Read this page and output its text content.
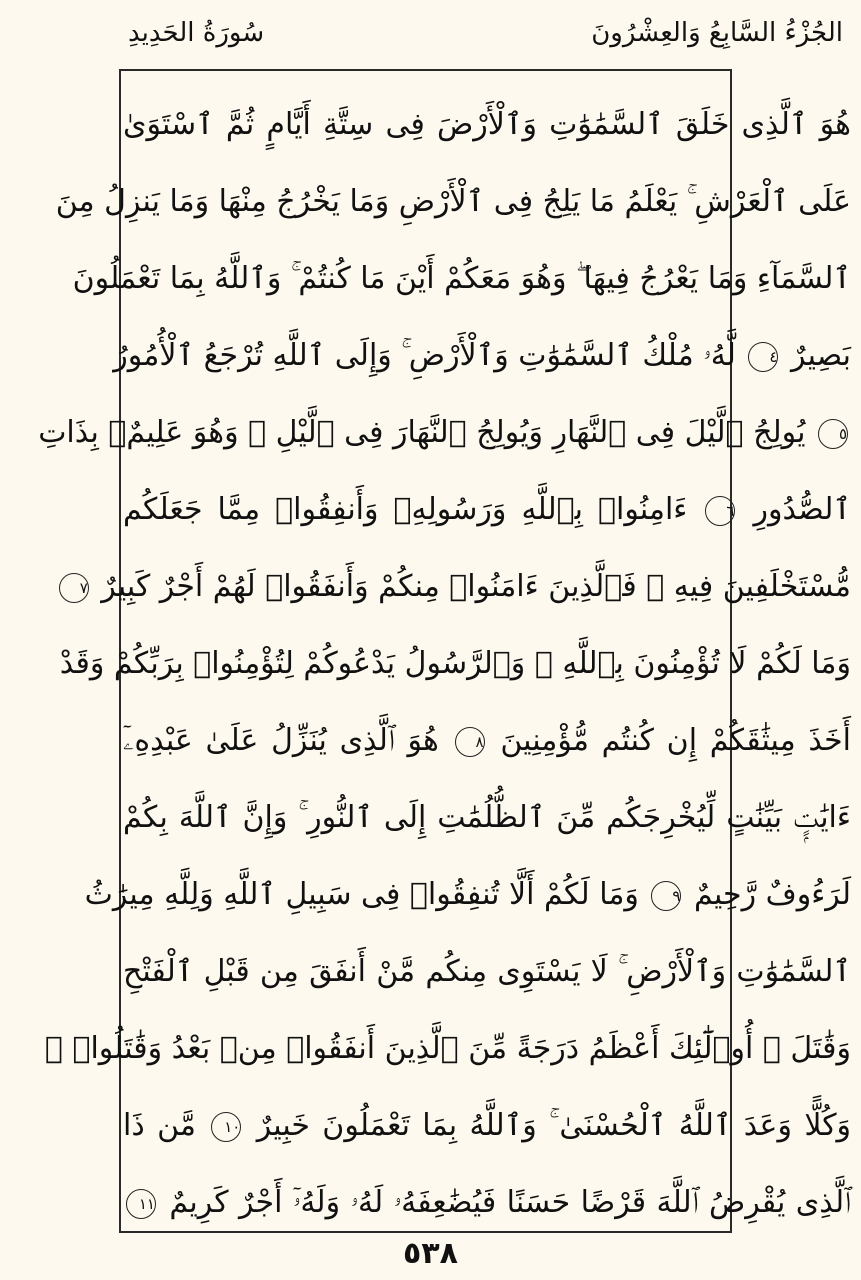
الجُزْءُ السَّابِعُ وَالعِشْرُونَ
سُورَةُ الحَدِيدِ
هُوَ ٱلَّذِى خَلَقَ ٱلسَّمَٰوَٰتِ وَٱلْأَرْضَ فِى سِتَّةِ أَيَّامٍ ثُمَّ ٱسْتَوَىٰ
عَلَى ٱلْعَرْشِ ۚ يَعْلَمُ مَا يَلِجُ فِى ٱلْأَرْضِ وَمَا يَخْرُجُ مِنْهَا وَمَا يَنزِلُ مِنَ
ٱلسَّمَآءِ وَمَا يَعْرُجُ فِيهَا ۖ وَهُوَ مَعَكُمْ أَيْنَ مَا كُنتُمْ ۚ وَٱللَّهُ بِمَا تَعْمَلُونَ
بَصِيرٌ ٤ لَّهُۥ مُلْكُ ٱلسَّمَٰوَٰتِ وَٱلْأَرْضِ ۚ وَإِلَى ٱللَّهِ تُرْجَعُ ٱلْأُمُورُ
٥ يُولِجُ ٱلَّيْلَ فِى ٱلنَّهَارِ وَيُولِجُ ٱلنَّهَارَ فِى ٱلَّيْلِ ۚ وَهُوَ عَلِيمٌۢ بِذَاتِ
ٱلصُّدُورِ ٦ ءَامِنُوا۟ بِٱللَّهِ وَرَسُولِهِۦ وَأَنفِقُوا۟ مِمَّا جَعَلَكُم
مُّسْتَخْلَفِينَ فِيهِ ۖ فَٱلَّذِينَ ءَامَنُوا۟ مِنكُمْ وَأَنفَقُوا۟ لَهُمْ أَجْرٌ كَبِيرٌ ٧
وَمَا لَكُمْ لَا تُؤْمِنُونَ بِٱللَّهِ ۙ وَٱلرَّسُولُ يَدْعُوكُمْ لِتُؤْمِنُوا۟ بِرَبِّكُمْ وَقَدْ
أَخَذَ مِيثَٰقَكُمْ إِن كُنتُم مُّؤْمِنِينَ ٨ هُوَ ٱلَّذِى يُنَزِّلُ عَلَىٰ عَبْدِهِۦٓ
ءَايَٰتٍۭ بَيِّنَٰتٍ لِّيُخْرِجَكُم مِّنَ ٱلظُّلُمَٰتِ إِلَى ٱلنُّورِ ۚ وَإِنَّ ٱللَّهَ بِكُمْ
لَرَءُوفٌ رَّحِيمٌ ٩ وَمَا لَكُمْ أَلَّا تُنفِقُوا۟ فِى سَبِيلِ ٱللَّهِ وَلِلَّهِ مِيرَٰثُ
ٱلسَّمَٰوَٰتِ وَٱلْأَرْضِ ۚ لَا يَسْتَوِى مِنكُم مَّنْ أَنفَقَ مِن قَبْلِ ٱلْفَتْحِ
وَقَٰتَلَ ۚ أُو۟لَٰٓئِكَ أَعْظَمُ دَرَجَةً مِّنَ ٱلَّذِينَ أَنفَقُوا۟ مِنۢ بَعْدُ وَقَٰتَلُوا۟ ۚ
وَكُلًّا وَعَدَ ٱللَّهُ ٱلْحُسْنَىٰ ۚ وَٱللَّهُ بِمَا تَعْمَلُونَ خَبِيرٌ ١٠ مَّن ذَا
ٱلَّذِى يُقْرِضُ ٱللَّهَ قَرْضًا حَسَنًا فَيُضَٰعِفَهُۥ لَهُۥ وَلَهُۥٓ أَجْرٌ كَرِيمٌ ١١
٥٣٨
